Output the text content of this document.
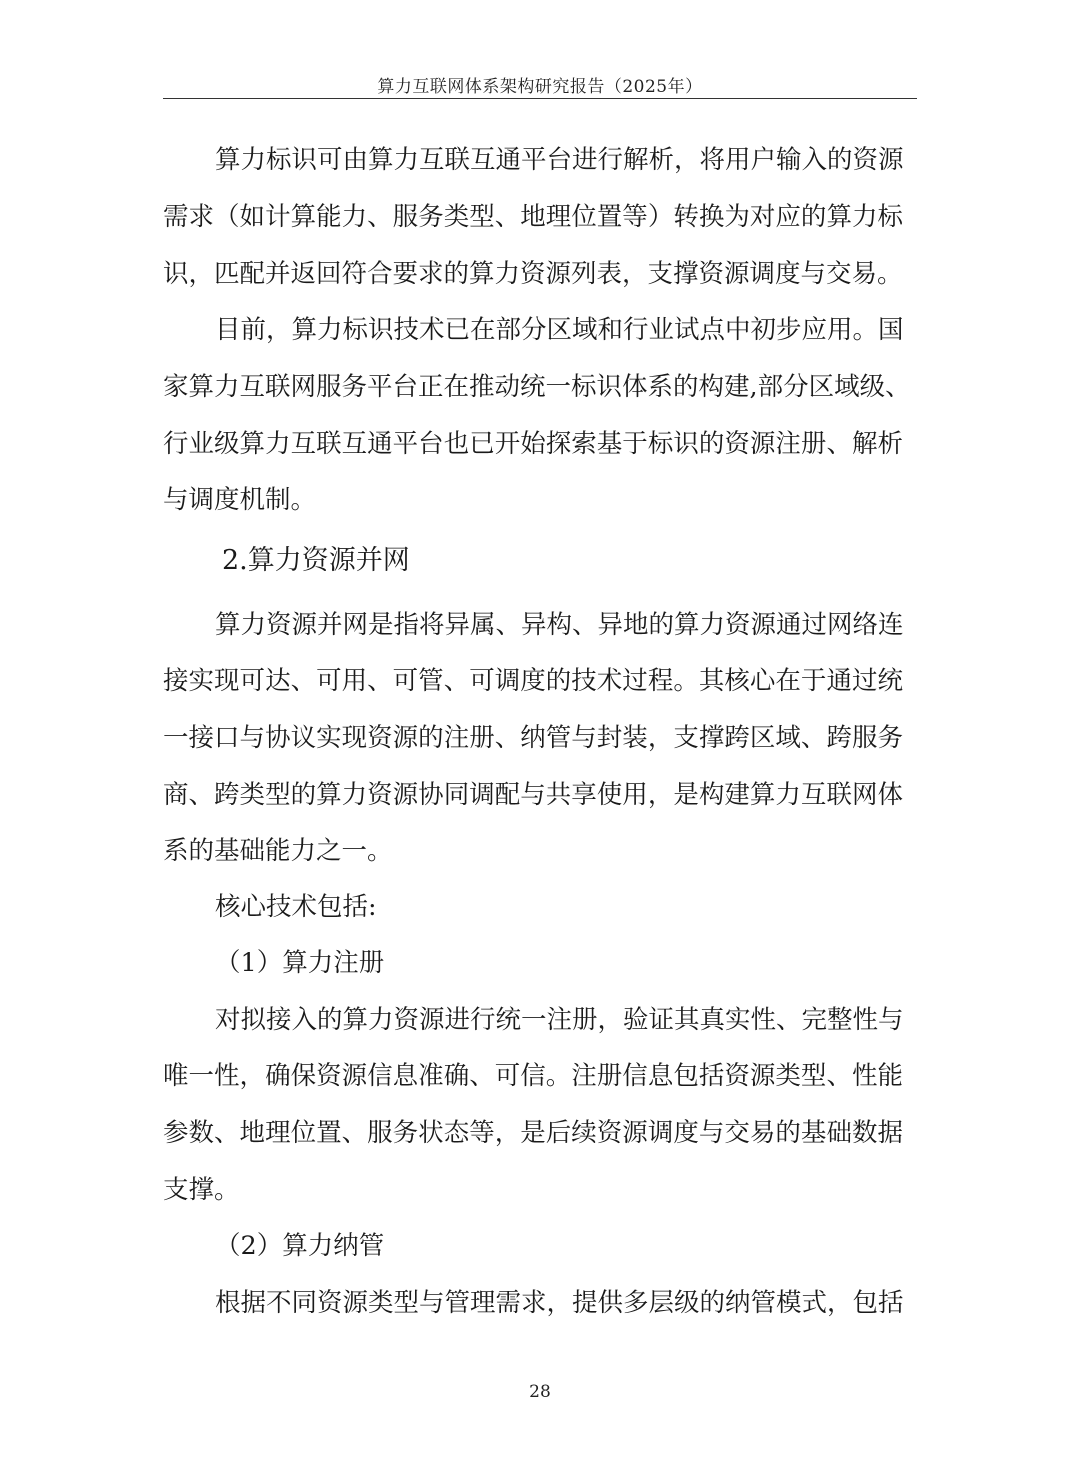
算力互联网体系架构研究报告（2025年）
算力标识可由算力互联互通平台进行解析，将用户输入的资源
需求（如计算能力、服务类型、地理位置等）转换为对应的算力标
识，匹配并返回符合要求的算力资源列表，支撑资源调度与交易。
目前，算力标识技术已在部分区域和行业试点中初步应用。国
家算力互联网服务平台正在推动统一标识体系的构建,部分区域级、
行业级算力互联互通平台也已开始探索基于标识的资源注册、解析
与调度机制。
2.算力资源并网
算力资源并网是指将异属、异构、异地的算力资源通过网络连
接实现可达、可用、可管、可调度的技术过程。其核心在于通过统
一接口与协议实现资源的注册、纳管与封装，支撑跨区域、跨服务
商、跨类型的算力资源协同调配与共享使用，是构建算力互联网体
系的基础能力之一。
核心技术包括:
（1）算力注册
对拟接入的算力资源进行统一注册，验证其真实性、完整性与
唯一性，确保资源信息准确、可信。注册信息包括资源类型、性能
参数、地理位置、服务状态等，是后续资源调度与交易的基础数据
支撑。
（2）算力纳管
根据不同资源类型与管理需求，提供多层级的纳管模式，包括
28
